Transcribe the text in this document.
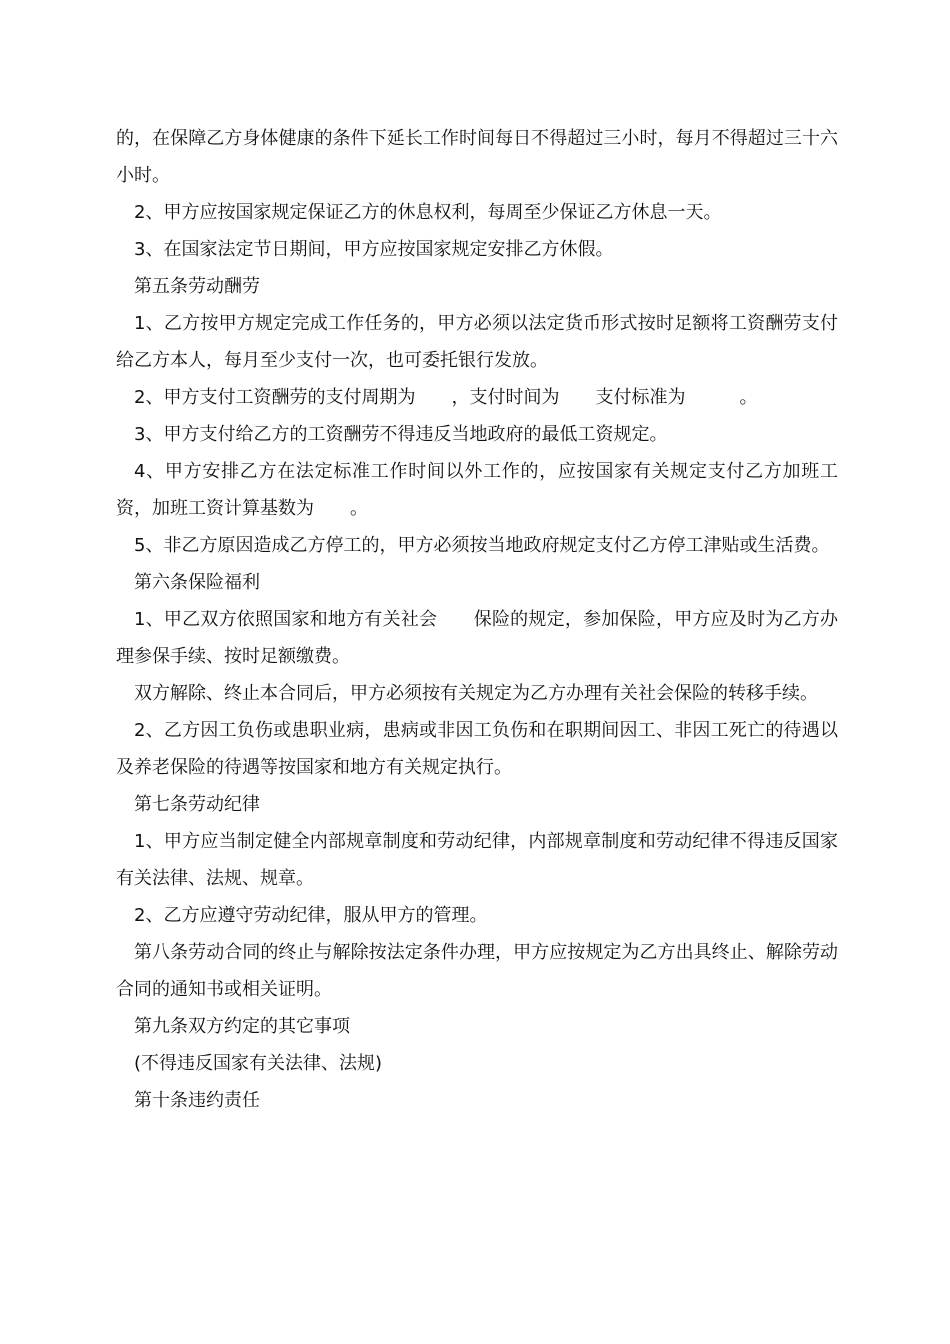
的，在保障乙方身体健康的条件下延长工作时间每日不得超过三小时，每月不得超过三十六小时。

2、甲方应按国家规定保证乙方的休息权利，每周至少保证乙方休息一天。

3、在国家法定节日期间，甲方应按国家规定安排乙方休假。

第五条劳动酬劳

1、乙方按甲方规定完成工作任务的，甲方必须以法定货币形式按时足额将工资酬劳支付给乙方本人，每月至少支付一次，也可委托银行发放。

2、甲方支付工资酬劳的支付周期为　　，支付时间为　　支付标准为　　　。

3、甲方支付给乙方的工资酬劳不得违反当地政府的最低工资规定。

4、甲方安排乙方在法定标准工作时间以外工作的，应按国家有关规定支付乙方加班工资，加班工资计算基数为　　。

5、非乙方原因造成乙方停工的，甲方必须按当地政府规定支付乙方停工津贴或生活费。

第六条保险福利

1、甲乙双方依照国家和地方有关社会　　保险的规定，参加保险，甲方应及时为乙方办理参保手续、按时足额缴费。

双方解除、终止本合同后，甲方必须按有关规定为乙方办理有关社会保险的转移手续。

2、乙方因工负伤或患职业病，患病或非因工负伤和在职期间因工、非因工死亡的待遇以及养老保险的待遇等按国家和地方有关规定执行。

第七条劳动纪律

1、甲方应当制定健全内部规章制度和劳动纪律，内部规章制度和劳动纪律不得违反国家有关法律、法规、规章。

2、乙方应遵守劳动纪律，服从甲方的管理。

第八条劳动合同的终止与解除按法定条件办理，甲方应按规定为乙方出具终止、解除劳动合同的通知书或相关证明。

第九条双方约定的其它事项

(不得违反国家有关法律、法规)

第十条违约责任
